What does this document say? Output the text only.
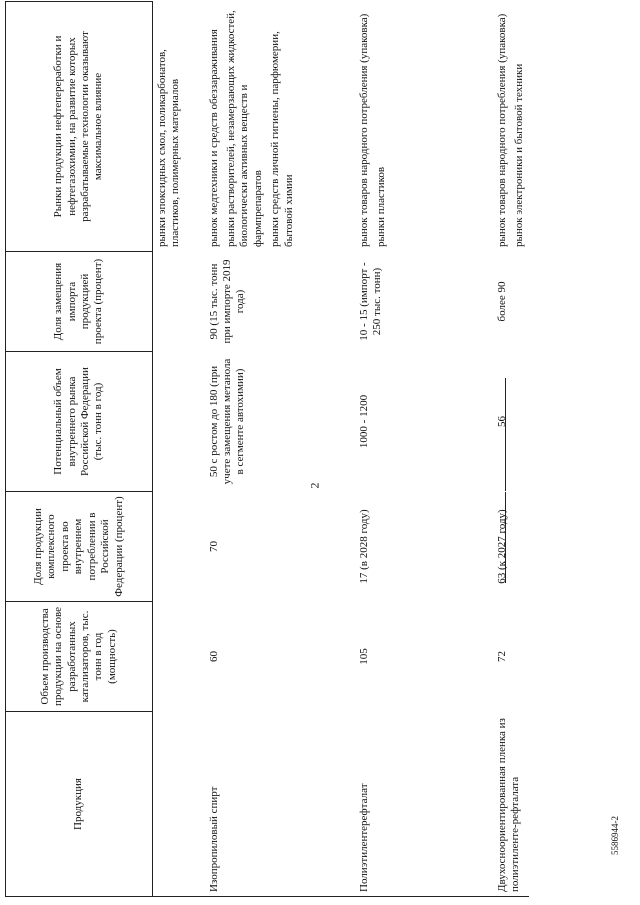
2
5586944-2
Продукция	Объем производства продукции на основе разработанных катализаторов, тыс. тонн в год (мощность)	Доля продукции комплексного проекта во внутреннем потреблении в Российской Федерации (процент)	Потенциальный объем внутреннего рынка Российской Федерации (тыс. тонн в год)	Доля замещения импорта продукцией проекта (процент)	Рынки продукции нефтепереработки и нефтегазохимии, на развитие которых разрабатываемые технологии оказывают максимальное влияние

					рынки эпоксидных смол, поликарбонатов, пластиков, полимерных материалов

Изопропиловый спирт	60	70	50 с ростом до 180 (при учете замещения метанола в сегменте автохимии)	90 (15 тыс. тонн при импорте 2019 года)	рынок медтехники и средств обеззараживания рынки растворителей, незамерзающих жидкостей, биологически активных веществ и фармпрепаратов рынки средств личной гигиены, парфюмерии, бытовой химии

Полиэтилентерефталат	105	17 (в 2028 году)	1000 - 1200	10 - 15 (импорт - 250 тыс. тонн)	рынок товаров народного потребления (упаковка) рынки пластиков

Двухосноориентированная пленка из полиэтиленте-рефталата	72	63 (к 2027 году)	56	более 90	рынок товаров народного потребления (упаковка) рынок электроники и бытовой техники
